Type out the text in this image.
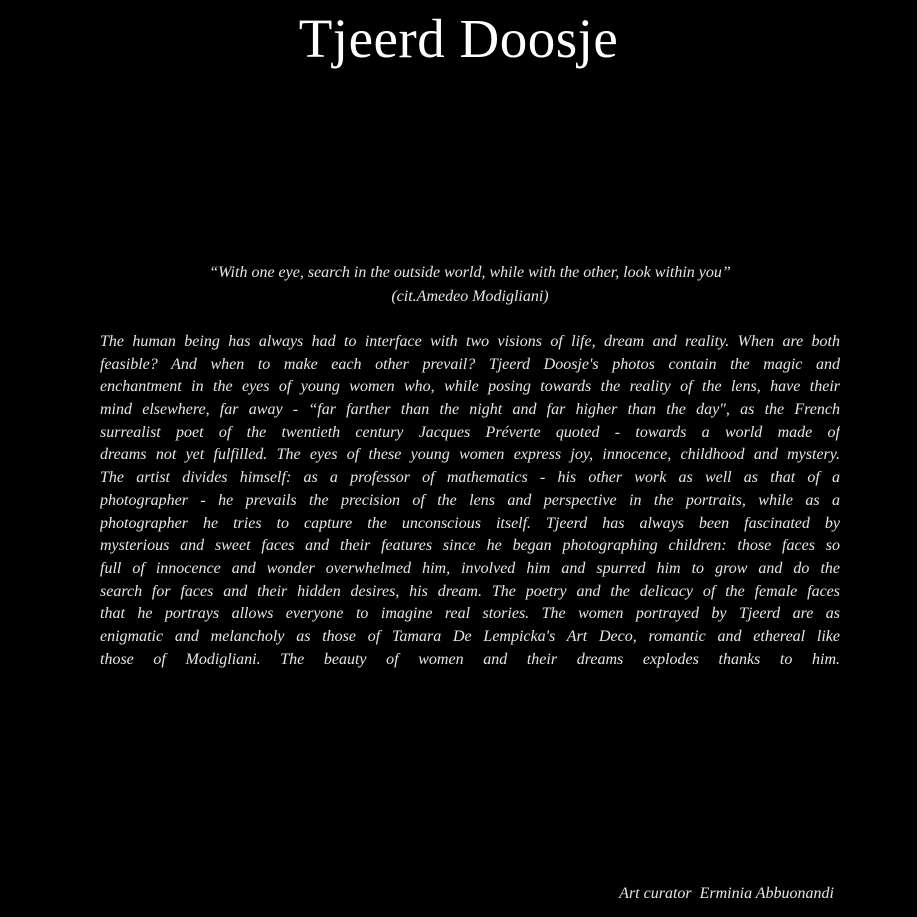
Tjeerd Doosje
“With one eye, search in the outside world, while with the other, look within you”
(cit.Amedeo Modigliani)
The human being has always had to interface with two visions of life, dream and reality. When are both
feasible? And when to make each other prevail? Tjeerd Doosje's photos contain the magic and
enchantment in the eyes of young women who, while posing towards the reality of the lens, have their
mind elsewhere, far away - “far farther than the night and far higher than the day", as the French
surrealist poet of the twentieth century Jacques Préverte quoted - towards a world made of
dreams not yet fulfilled. The eyes of these young women express joy, innocence, childhood and mystery.
The artist divides himself: as a professor of mathematics - his other work as well as that of a
photographer - he prevails the precision of the lens and perspective in the portraits, while as a
photographer he tries to capture the unconscious itself. Tjeerd has always been fascinated by
mysterious and sweet faces and their features since he began photographing children: those faces so
full of innocence and wonder overwhelmed him, involved him and spurred him to grow and do the
search for faces and their hidden desires, his dream. The poetry and the delicacy of the female faces
that he portrays allows everyone to imagine real stories. The women portrayed by Tjeerd are as
enigmatic and melancholy as those of Tamara De Lempicka's Art Deco, romantic and ethereal like
those of Modigliani. The beauty of women and their dreams explodes thanks to him.
Art curator  Erminia Abbuonandi
